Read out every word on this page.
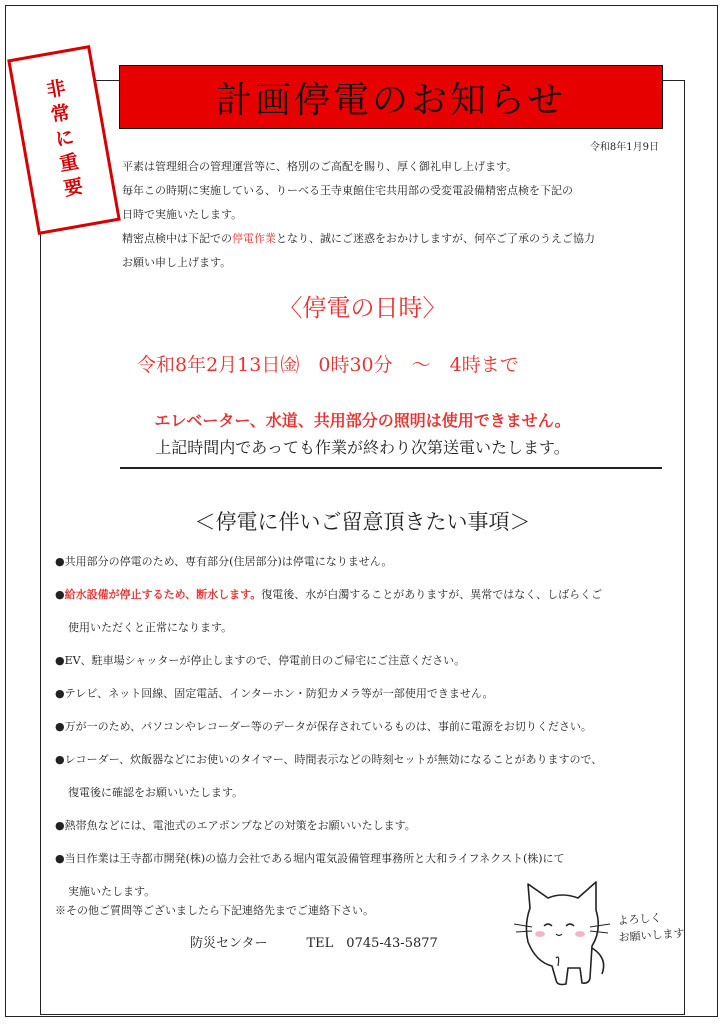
計画停電のお知らせ
非常に重要	令和8年1月9日

平素は管理組合の管理運営等に、格別のご高配を賜り、厚く御礼申し上げます。

毎年この時期に実施している、りーべる王寺東館住宅共用部の受変電設備精密点検を下記の

日時で実施いたします。

精密点検中は下記での停電作業となり、誠にご迷惑をおかけしますが、何卒ご了承のうえご協力

お願い申し上げます。

〈停電の日時〉
令和8年2月13日㈮　0時30分　～　4時まで
エレベーター、水道、共用部分の照明は使用できません。
上記時間内であっても作業が終わり次第送電いたします。
＜停電に伴いご留意頂きたい事項＞

●共用部分の停電のため、専有部分(住居部分)は停電になりません。

●給水設備が停止するため、断水します。復電後、水が白濁することがありますが、異常ではなく、しばらくご

使用いただくと正常になります。

●EV、駐車場シャッターが停止しますので、停電前日のご帰宅にご注意ください。

●テレビ、ネット回線、固定電話、インターホン・防犯カメラ等が一部使用できません。

●万が一のため、パソコンやレコーダー等のデータが保存されているものは、事前に電源をお切りください。

●レコーダー、炊飯器などにお使いのタイマー、時間表示などの時刻セットが無効になることがありますので、

復電後に確認をお願いいたします。

●熱帯魚などには、電池式のエアポンプなどの対策をお願いいたします。

●当日作業は王寺都市開発(株)の協力会社である堀内電気設備管理事務所と大和ライフネクスト(株)にて

実施いたします。

※その他ご質問等ございましたら下記連絡先までご連絡下さい。
防災センター　　　	TEL　0745-43-5877
よろしく
お願いします
